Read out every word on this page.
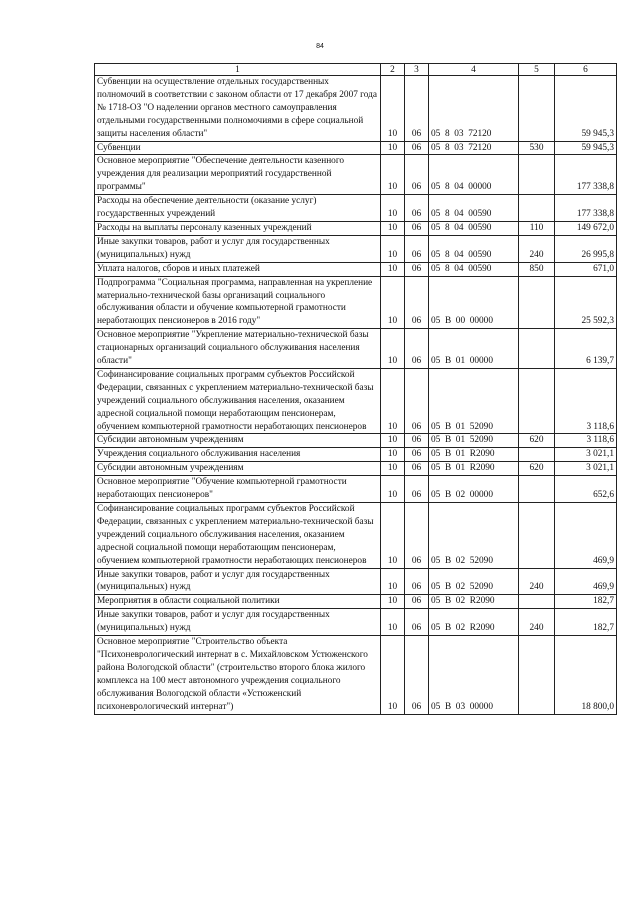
84
1	2	3	4	5	6
Субвенции на осуществление отдельных государственных полномочий в соответствии с законом области от 17 декабря 2007 года № 1718-ОЗ "О наделении органов местного самоуправления отдельными государственными полномочиями в сфере социальной защиты населения области"	10	06	05  8  03  72120		59 945,3
Субвенции	10	06	05  8  03  72120	530	59 945,3
Основное мероприятие "Обеспечение деятельности казенного учреждения для реализации мероприятий государственной программы"	10	06	05  8  04  00000		177 338,8
Расходы на обеспечение деятельности (оказание услуг) государственных учреждений	10	06	05  8  04  00590		177 338,8
Расходы на выплаты персоналу казенных учреждений	10	06	05  8  04  00590	110	149 672,0
Иные закупки товаров, работ и услуг для государственных (муниципальных) нужд	10	06	05  8  04  00590	240	26 995,8
Уплата налогов, сборов и иных платежей	10	06	05  8  04  00590	850	671,0
Подпрограмма "Социальная программа, направленная на укрепление материально-технической базы организаций социального обслуживания области и обучение компьютерной грамотности неработающих пенсионеров в 2016 году"	10	06	05  В  00  00000		25 592,3
Основное мероприятие "Укрепление материально-технической базы стационарных организаций социального обслуживания населения области"	10	06	05  В  01  00000		6 139,7
Софинансирование социальных программ субъектов Российской Федерации, связанных с укреплением материально-технической базы учреждений социального обслуживания населения, оказанием адресной социальной помощи неработающим пенсионерам, обучением компьютерной грамотности неработающих пенсионеров	10	06	05  В  01  52090		3 118,6
Субсидии автономным учреждениям	10	06	05  В  01  52090	620	3 118,6
Учреждения социального обслуживания населения	10	06	05  В  01  R2090		3 021,1
Субсидии автономным учреждениям	10	06	05  В  01  R2090	620	3 021,1
Основное мероприятие "Обучение компьютерной грамотности неработающих пенсионеров"	10	06	05  В  02  00000		652,6
Софинансирование социальных программ субъектов Российской Федерации, связанных с укреплением материально-технической базы учреждений социального обслуживания населения, оказанием адресной социальной помощи неработающим пенсионерам, обучением компьютерной грамотности неработающих пенсионеров	10	06	05  В  02  52090		469,9
Иные закупки товаров, работ и услуг для государственных (муниципальных) нужд	10	06	05  В  02  52090	240	469,9
Мероприятия в области социальной политики	10	06	05  В  02  R2090		182,7
Иные закупки товаров, работ и услуг для государственных (муниципальных) нужд	10	06	05  В  02  R2090	240	182,7
Основное мероприятие "Строительство объекта "Психоневрологический интернат в с. Михайловском Устюженского района Вологодской области" (строительство второго блока жилого комплекса на 100 мест автономного учреждения социального обслуживания Вологодской области «Устюженский психоневрологический интернат")	10	06	05  В  03  00000		18 800,0
